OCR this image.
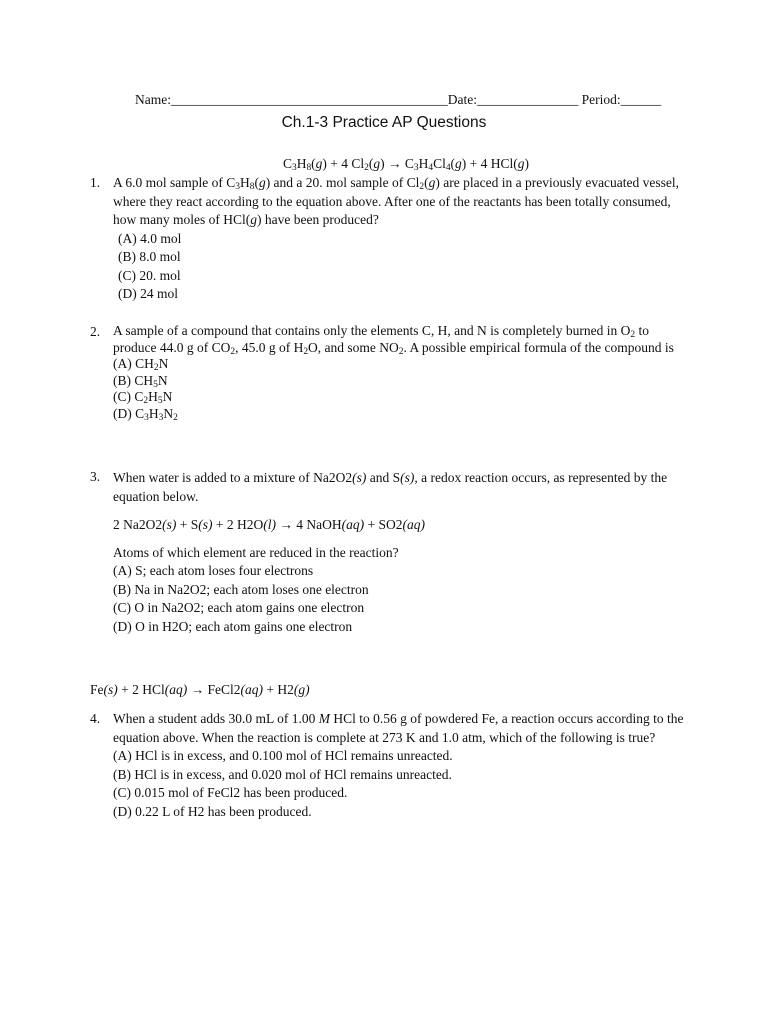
Name:_________________________________________Date:_______________ Period:______
Ch.1-3 Practice AP Questions
$C_3H_8(g) + 4$ $Cl_2(g) \to C_3H_4Cl_4(g) + 4$ HCl(g)
1. A 6.0 mol sample of $C_3H_8(g)$ and a 20. mol sample of $Cl_2(g)$ are placed in a previously evacuated vessel, where they react according to the equation above. After one of the reactants has been totally consumed, how many moles of HCl(g) have been produced?

(A) 4.0 mol
(B) 8.0 mol
(C) 20. mol
(D) 24 mol
2. A sample of a compound that contains only the elements C, H, and N is completely burned in $O_2$ to produce 44.0 g of $CO_2$, 45.0 g of $H_2O$, and some $NO_2$. A possible empirical formula of the compound is

(A) $CH_2N$
(B) $CH_5N$
(C) $C_2H_5N$
(D) $C_3H_3N_2$
3. When water is added to a mixture of Na2O2(s) and S(s), a redox reaction occurs, as represented by the equation below.

2 Na2O2(s) + S(s) + 2 H2O(l) → 4 NaOH(aq) + SO2(aq)

Atoms of which element are reduced in the reaction?

(A) S; each atom loses four electrons
(B) Na in Na2O2; each atom loses one electron
(C) O in Na2O2; each atom gains one electron
(D) O in H2O; each atom gains one electron
Fe(s) + 2 HCl(aq) → FeCl2(aq) + H2(g)
4. When a student adds 30.0 mL of 1.00 M HCl to 0.56 g of powdered Fe, a reaction occurs according to the equation above. When the reaction is complete at 273 K and 1.0 atm, which of the following is true?

(A) HCl is in excess, and 0.100 mol of HCl remains unreacted.
(B) HCl is in excess, and 0.020 mol of HCl remains unreacted.
(C) 0.015 mol of FeCl2 has been produced.
(D) 0.22 L of H2 has been produced.
